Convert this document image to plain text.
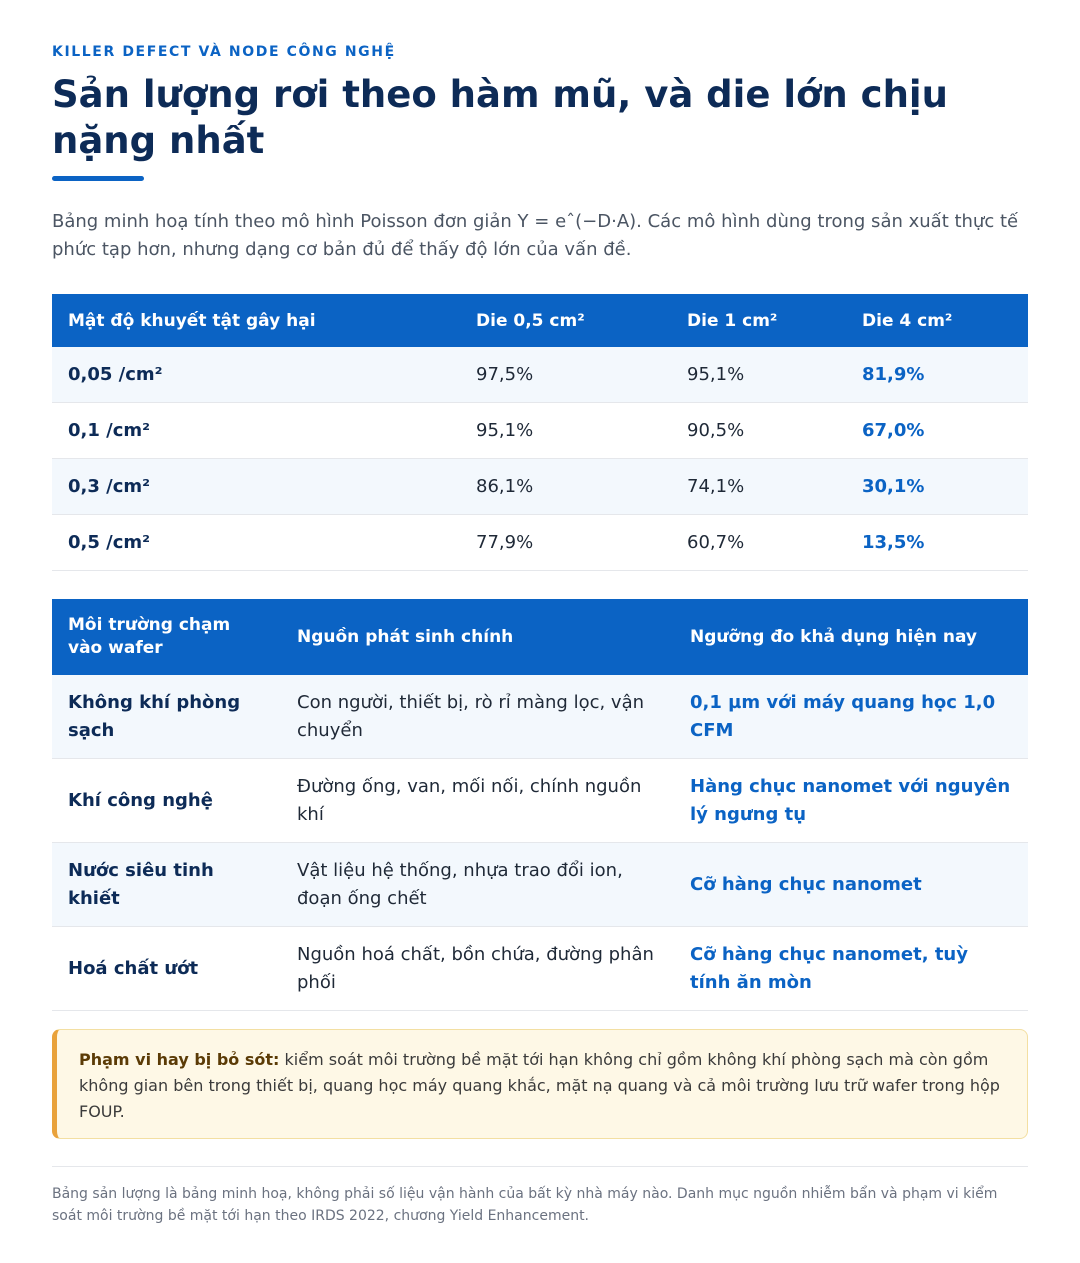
KILLER DEFECT VÀ NODE CÔNG NGHỆ
Sản lượng rơi theo hàm mũ, và die lớn chịu nặng nhất

Bảng minh hoạ tính theo mô hình Poisson đơn giản Y = eˆ(−D·A). Các mô hình dùng trong sản xuất thực tế phức tạp hơn, nhưng dạng cơ bản đủ để thấy độ lớn của vấn đề.

Mật độ khuyết tật gây hại	Die 0,5 cm²	Die 1 cm²	Die 4 cm²
0,05 /cm²	97,5%	95,1%	81,9%
0,1 /cm²	95,1%	90,5%	67,0%
0,3 /cm²	86,1%	74,1%	30,1%
0,5 /cm²	77,9%	60,7%	13,5%
Môi trường chạm vào wafer	Nguồn phát sinh chính	Ngưỡng đo khả dụng hiện nay
Không khí phòng sạch	Con người, thiết bị, rò rỉ màng lọc, vận chuyển	0,1 µm với máy quang học 1,0 CFM
Khí công nghệ	Đường ống, van, mối nối, chính nguồn khí	Hàng chục nanomet với nguyên lý ngưng tụ
Nước siêu tinh khiết	Vật liệu hệ thống, nhựa trao đổi ion, đoạn ống chết	Cỡ hàng chục nanomet
Hoá chất ướt	Nguồn hoá chất, bồn chứa, đường phân phối	Cỡ hàng chục nanomet, tuỳ tính ăn mòn
Phạm vi hay bị bỏ sót: kiểm soát môi trường bề mặt tới hạn không chỉ gồm không khí phòng sạch mà còn gồm không gian bên trong thiết bị, quang học máy quang khắc, mặt nạ quang và cả môi trường lưu trữ wafer trong hộp FOUP.
Bảng sản lượng là bảng minh hoạ, không phải số liệu vận hành của bất kỳ nhà máy nào. Danh mục nguồn nhiễm bẩn và phạm vi kiểm soát môi trường bề mặt tới hạn theo IRDS 2022, chương Yield Enhancement.
